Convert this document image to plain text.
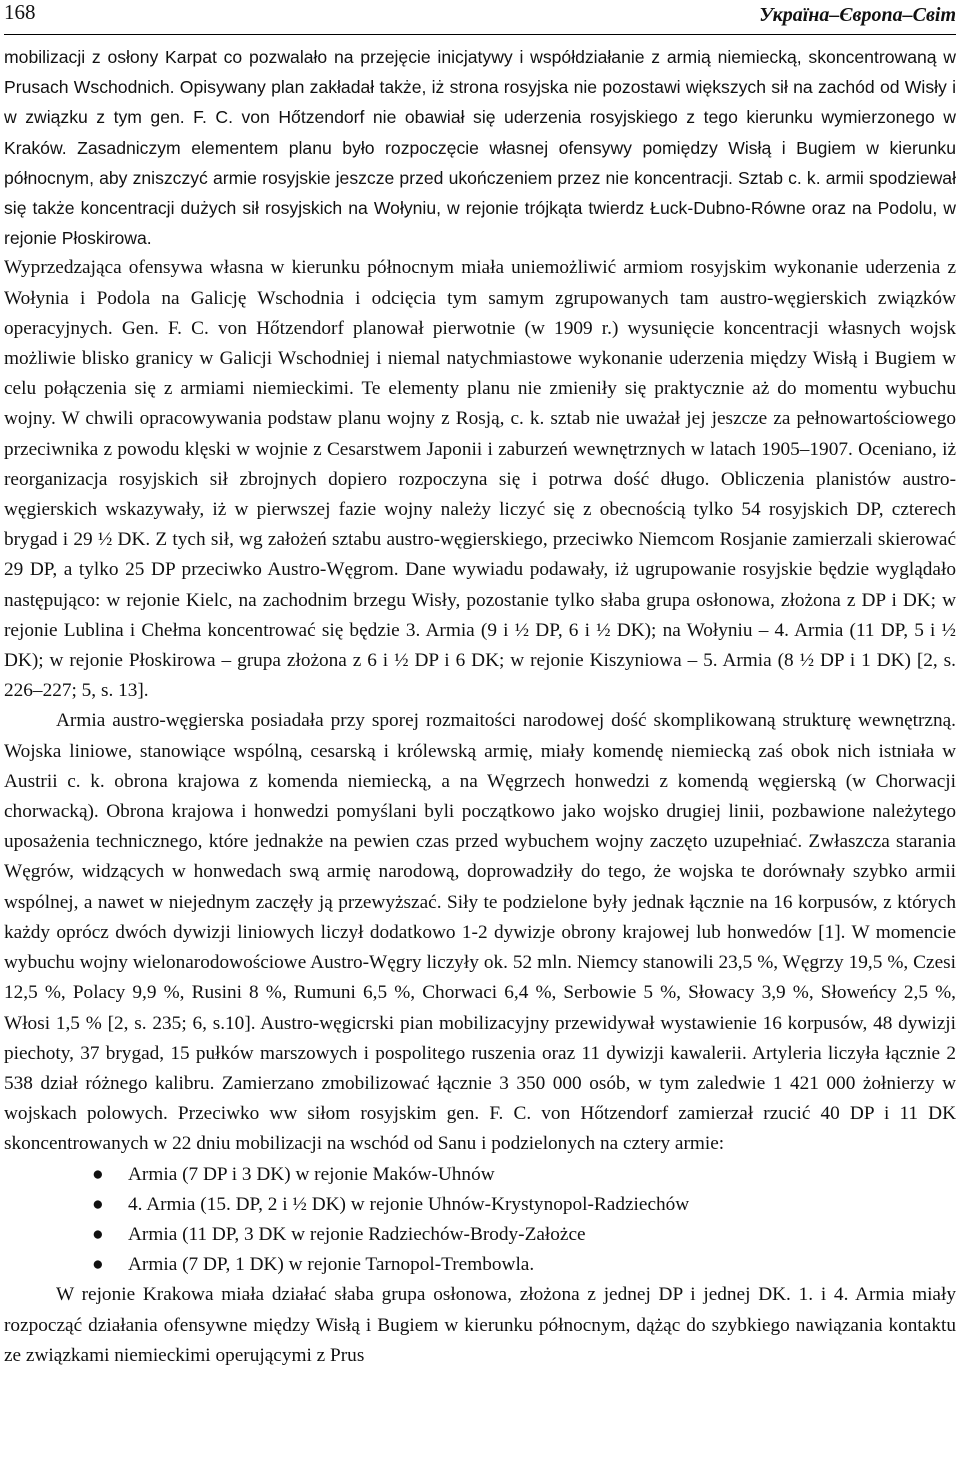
168	Україна–Європа–Світ

mobilizacji z osłony Karpat co pozwalało na przejęcie inicjatywy i współdziałanie z armią niemiecką, skoncentrowaną w Prusach Wschodnich. Opisywany plan zakładał także, iż strona rosyjska nie pozostawi większych sił na zachód od Wisły i w związku z tym gen. F. C. von Hőtzendorf nie obawiał się uderzenia rosyjskiego z tego kierunku wymierzonego w Kraków. Zasadniczym elementem planu było rozpoczęcie własnej ofensywy pomiędzy Wisłą i Bugiem w kierunku północnym, aby zniszczyć armie rosyjskie jeszcze przed ukończeniem przez nie koncentracji. Sztab c. k. armii spodziewał się także koncentracji dużych sił rosyjskich na Wołyniu, w rejonie trójkąta twierdz Łuck-Dubno-Równe oraz na Podolu, w rejonie Płoskirowa.

Wyprzedzająca ofensywa własna w kierunku północnym miała uniemożliwić armiom rosyjskim wykonanie uderzenia z Wołynia i Podola na Galicję Wschodnia i odcięcia tym samym zgrupowanych tam austro-węgierskich związków operacyjnych. Gen. F. C. von Hőtzendorf planował pierwotnie (w 1909 r.) wysunięcie koncentracji własnych wojsk możliwie blisko granicy w Galicji Wschodniej i niemal natychmiastowe wykonanie uderzenia między Wisłą i Bugiem w celu połączenia się z armiami niemieckimi. Te elementy planu nie zmieniły się praktycznie aż do momentu wybuchu wojny. W chwili opracowywania podstaw planu wojny z Rosją, c. k. sztab nie uważał jej jeszcze za pełnowartościowego przeciwnika z powodu klęski w wojnie z Cesarstwem Japonii i zaburzeń wewnętrznych w latach 1905–1907. Oceniano, iż reorganizacja rosyjskich sił zbrojnych dopiero rozpoczyna się i potrwa dość długo. Obliczenia planistów austro-węgierskich wskazywały, iż w pierwszej fazie wojny należy liczyć się z obecnością tylko 54 rosyjskich DP, czterech brygad i 29 ½ DK. Z tych sił, wg założeń sztabu austro-węgierskiego, przeciwko Niemcom Rosjanie zamierzali skierować 29 DP, a tylko 25 DP przeciwko Austro-Węgrom. Dane wywiadu podawały, iż ugrupowanie rosyjskie będzie wyglądało następująco: w rejonie Kielc, na zachodnim brzegu Wisły, pozostanie tylko słaba grupa osłonowa, złożona z DP i DK; w rejonie Lublina i Chełma koncentrować się będzie 3. Armia (9 i ½ DP, 6 i ½ DK); na Wołyniu – 4. Armia (11 DP, 5 i ½ DK); w rejonie Płoskirowa – grupa złożona z 6 i ½ DP i 6 DK; w rejonie Kiszyniowa – 5. Armia (8 ½ DP i 1 DK) [2, s. 226–227; 5, s. 13].

Armia austro-węgierska posiadała przy sporej rozmaitości narodowej dość skomplikowaną strukturę wewnętrzną. Wojska liniowe, stanowiące wspólną, cesarską i królewską armię, miały komendę niemiecką zaś obok nich istniała w Austrii c. k. obrona krajowa z komenda niemiecką, a na Węgrzech honwedzi z komendą węgierską (w Chorwacji chorwacką). Obrona krajowa i honwedzi pomyślani byli początkowo jako wojsko drugiej linii, pozbawione należytego uposażenia technicznego, które jednakże na pewien czas przed wybuchem wojny zaczęto uzupełniać. Zwłaszcza starania Węgrów, widzących w honwedach swą armię narodową, doprowadziły do tego, że wojska te dorównały szybko armii wspólnej, a nawet w niejednym zaczęły ją przewyższać. Siły te podzielone były jednak łącznie na 16 korpusów, z których każdy oprócz dwóch dywizji liniowych liczył dodatkowo 1-2 dywizje obrony krajowej lub honwedów [1]. W momencie wybuchu wojny wielonarodowościowe Austro-Węgry liczyły ok. 52 mln. Niemcy stanowili 23,5 %, Węgrzy 19,5 %, Czesi 12,5 %, Polacy 9,9 %, Rusini 8 %, Rumuni 6,5 %, Chorwaci 6,4 %, Serbowie 5 %, Słowacy 3,9 %, Słoweńcy 2,5 %, Włosi 1,5 % [2, s. 235; 6, s.10]. Austro-węgicrski pian mobilizacyjny przewidywał wystawienie 16 korpusów, 48 dywizji piechoty, 37 brygad, 15 pułków marszowych i pospolitego ruszenia oraz 11 dywizji kawalerii. Artyleria liczyła łącznie 2 538 dział różnego kalibru. Zamierzano zmobilizować łącznie 3 350 000 osób, w tym zaledwie 1 421 000 żołnierzy w wojskach polowych. Przeciwko ww siłom rosyjskim gen. F. C. von Hőtzendorf zamierzał rzucić 40 DP i 11 DK skoncentrowanych w 22 dniu mobilizacji na wschód od Sanu i podzielonych na cztery armie:

● Armia (7 DP i 3 DK) w rejonie Maków-Uhnów
● 4. Armia (15. DP, 2 i ½ DK) w rejonie Uhnów-Krystynopol-Radziechów
● Armia (11 DP, 3 DK w rejonie Radziechów-Brody-Założce
● Armia (7 DP, 1 DK) w rejonie Tarnopol-Trembowla.

W rejonie Krakowa miała działać słaba grupa osłonowa, złożona z jednej DP i jednej DK. 1. i 4. Armia miały rozpocząć działania ofensywne między Wisłą i Bugiem w kierunku północnym, dążąc do szybkiego nawiązania kontaktu ze związkami niemieckimi operującymi z Prus
